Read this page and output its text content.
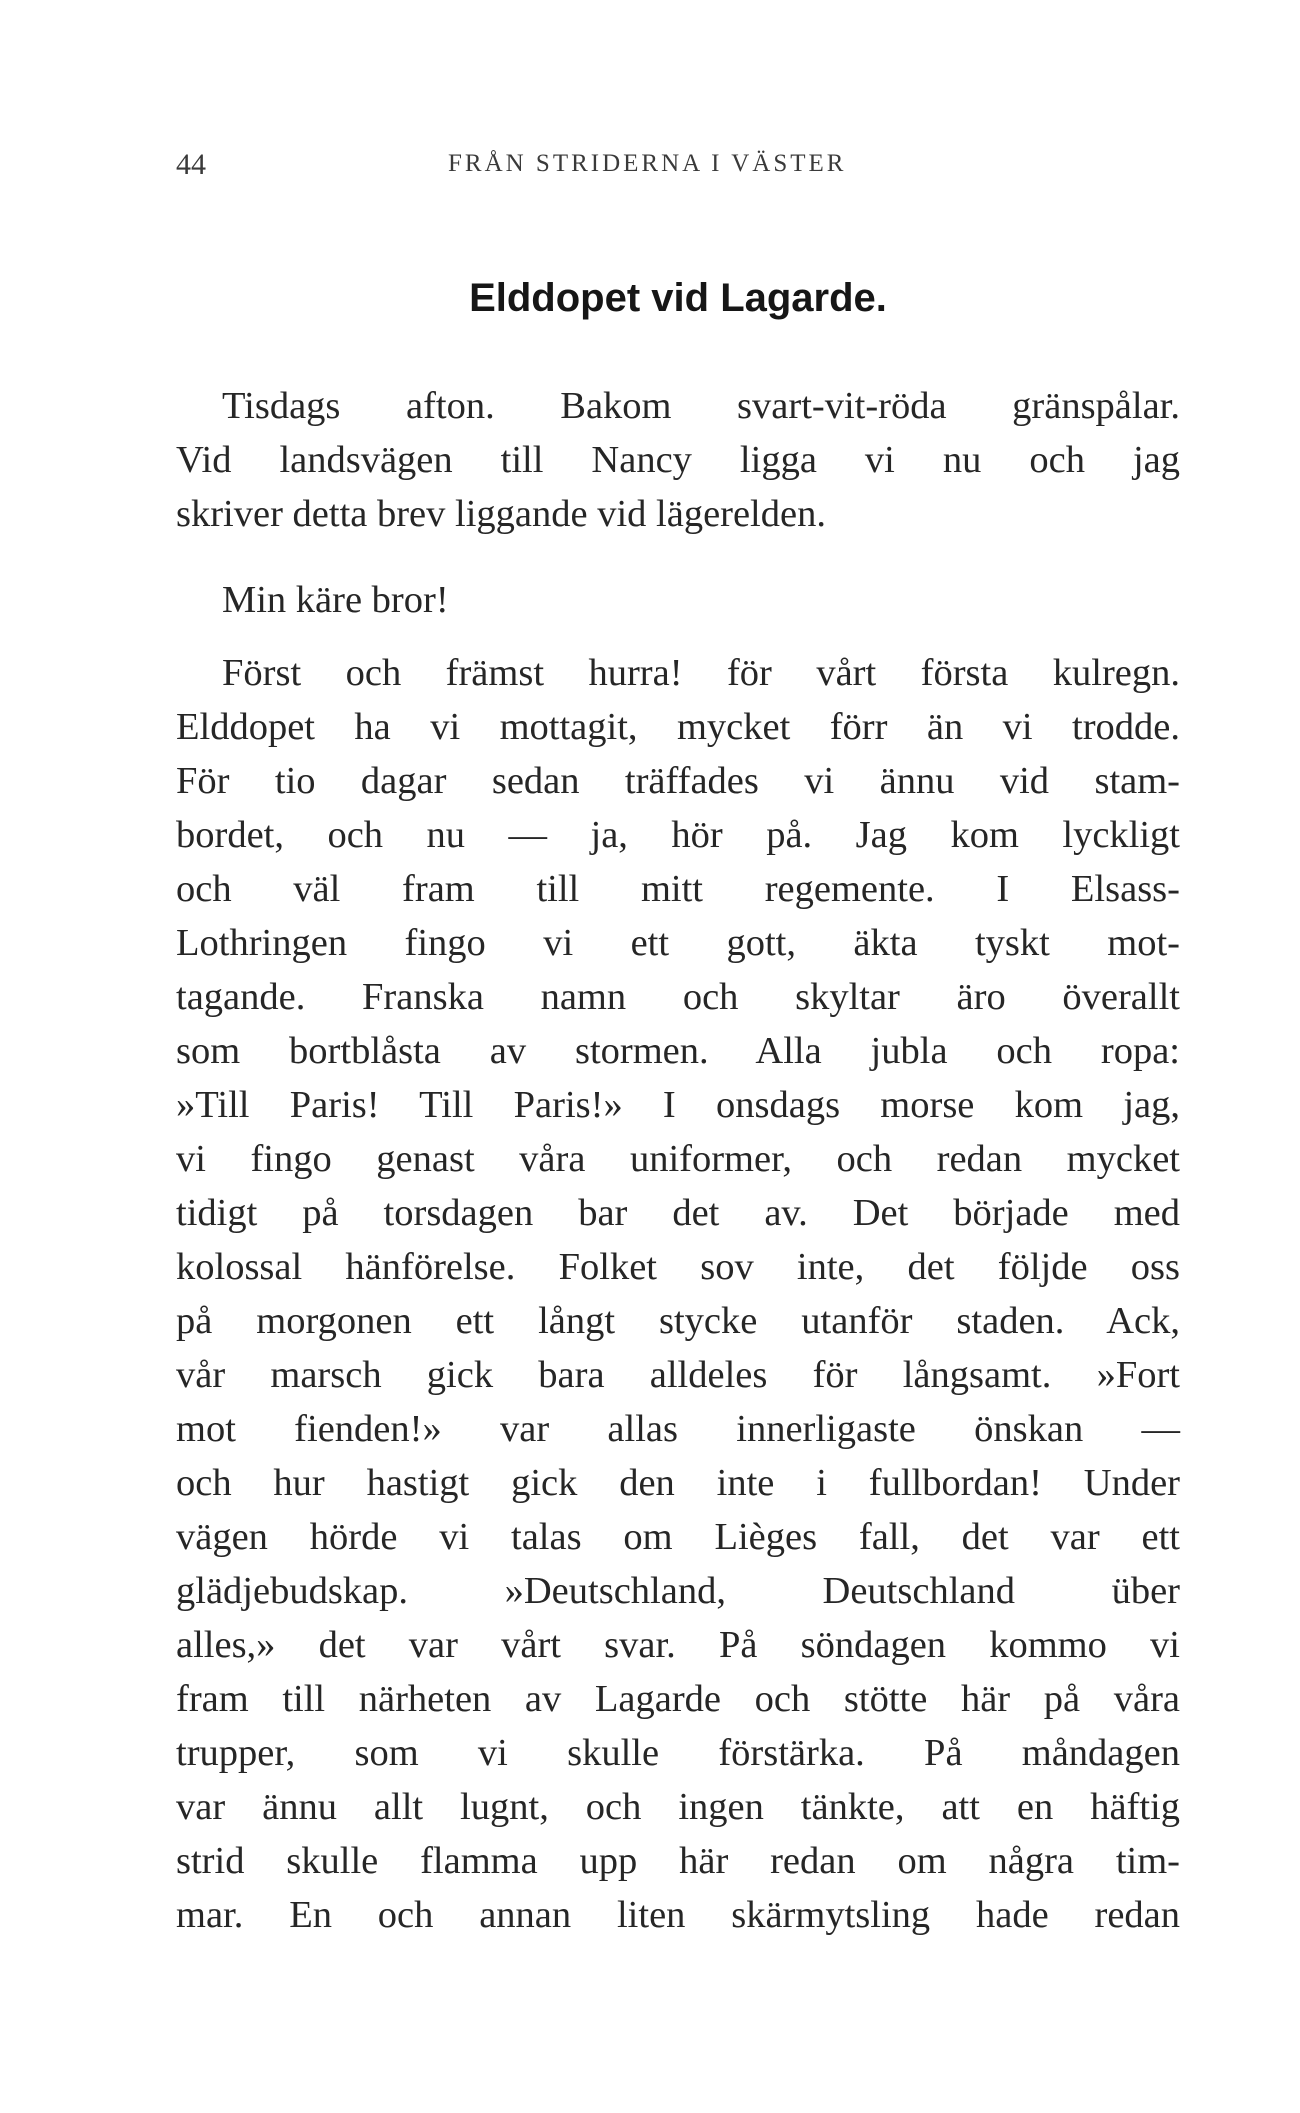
44	FRÅN STRIDERNA I VÄSTER
Elddopet vid Lagarde.
Tisdags afton. Bakom svart-vit-röda gränspålar.
Vid landsvägen till Nancy ligga vi nu och jag
skriver detta brev liggande vid lägerelden.
Min käre bror!
Först och främst hurra! för vårt första kulregn.
Elddopet ha vi mottagit, mycket förr än vi trodde.
För tio dagar sedan träffades vi ännu vid stam-
bordet, och nu — ja, hör på. Jag kom lyckligt
och väl fram till mitt regemente. I Elsass-
Lothringen fingo vi ett gott, äkta tyskt mot-
tagande. Franska namn och skyltar äro överallt
som bortblåsta av stormen. Alla jubla och ropa:
»Till Paris! Till Paris!» I onsdags morse kom jag,
vi fingo genast våra uniformer, och redan mycket
tidigt på torsdagen bar det av. Det började med
kolossal hänförelse. Folket sov inte, det följde oss
på morgonen ett långt stycke utanför staden. Ack,
vår marsch gick bara alldeles för långsamt. »Fort
mot fienden!» var allas innerligaste önskan —
och hur hastigt gick den inte i fullbordan! Under
vägen hörde vi talas om Lièges fall, det var ett
glädjebudskap. »Deutschland, Deutschland über
alles,» det var vårt svar. På söndagen kommo vi
fram till närheten av Lagarde och stötte här på våra
trupper, som vi skulle förstärka. På måndagen
var ännu allt lugnt, och ingen tänkte, att en häftig
strid skulle flamma upp här redan om några tim-
mar. En och annan liten skärmytsling hade redan
